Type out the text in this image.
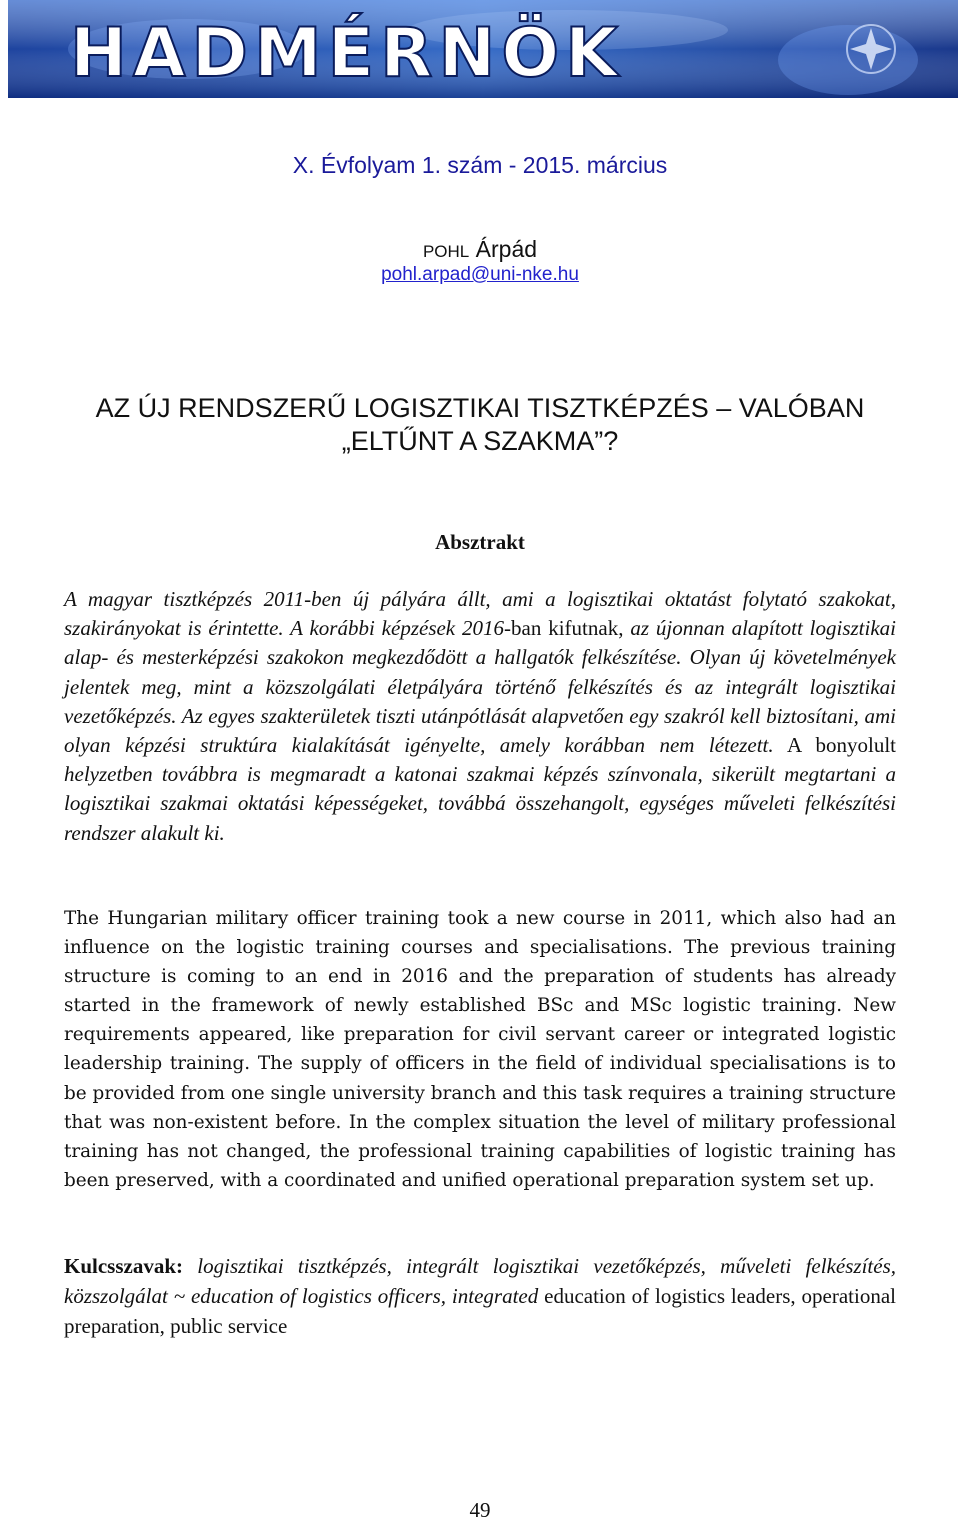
HADMÉRNÖK
X. Évfolyam 1. szám - 2015. március
POHL Árpád
pohl.arpad@uni-nke.hu
AZ ÚJ RENDSZERŰ LOGISZTIKAI TISZTKÉPZÉS – VALÓBAN
„ELTŰNT A SZAKMA”?
Absztrakt
A magyar tisztképzés 2011-ben új pályára állt, ami a logisztikai oktatást folytató szakokat, szakirányokat is érintette. A korábbi képzések 2016-ban kifutnak, az újonnan alapított logisztikai alap- és mesterképzési szakokon megkezdődött a hallgatók felkészítése. Olyan új követelmények jelentek meg, mint a közszolgálati életpályára történő felkészítés és az integrált logisztikai vezetőképzés. Az egyes szakterületek tiszti utánpótlását alapvetően egy szakról kell biztosítani, ami olyan képzési struktúra kialakítását igényelte, amely korábban nem létezett. A bonyolult helyzetben továbbra is megmaradt a katonai szakmai képzés színvonala, sikerült megtartani a logisztikai szakmai oktatási képességeket, továbbá összehangolt, egységes műveleti felkészítési rendszer alakult ki.
The Hungarian military officer training took a new course in 2011, which also had an influence on the logistic training courses and specialisations. The previous training structure is coming to an end in 2016 and the preparation of students has already started in the framework of newly established BSc and MSc logistic training. New requirements appeared, like preparation for civil servant career or integrated logistic leadership training. The supply of officers in the field of individual specialisations is to be provided from one single university branch and this task requires a training structure that was non-existent before. In the complex situation the level of military professional training has not changed, the professional training capabilities of logistic training has been preserved, with a coordinated and unified operational preparation system set up.
Kulcsszavak: logisztikai tisztképzés, integrált logisztikai vezetőképzés, műveleti felkészítés, közszolgálat ~ education of logistics officers, integrated education of logistics leaders, operational preparation, public service
49
